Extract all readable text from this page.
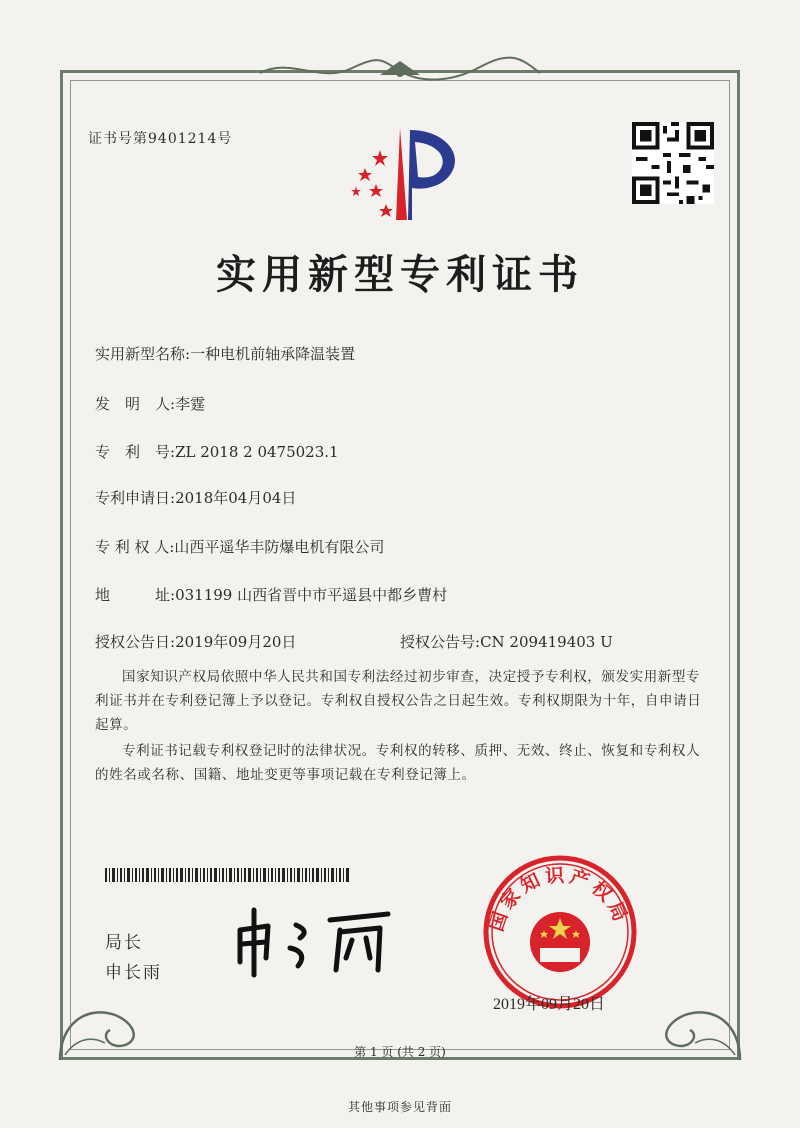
证书号第9401214号
实用新型专利证书
实用新型名称:一种电机前轴承降温装置
发　明　人:李霆
专　利　号:ZL 2018 2 0475023.1
专利申请日:2018年04月04日
专 利 权 人:山西平遥华丰防爆电机有限公司
地　　　址:031199 山西省晋中市平遥县中都乡曹村
授权公告日:2019年09月20日	授权公告号:CN 209419403 U
国家知识产权局依照中华人民共和国专利法经过初步审查，决定授予专利权，颁发实用新型专利证书并在专利登记簿上予以登记。专利权自授权公告之日起生效。专利权期限为十年，自申请日起算。
专利证书记载专利权登记时的法律状况。专利权的转移、质押、无效、终止、恢复和专利权人的姓名或名称、国籍、地址变更等事项记载在专利登记簿上。
局长
申长雨
国家知识产权局
2019年09月20日
第 1 页 (共 2 页)
其他事项参见背面
